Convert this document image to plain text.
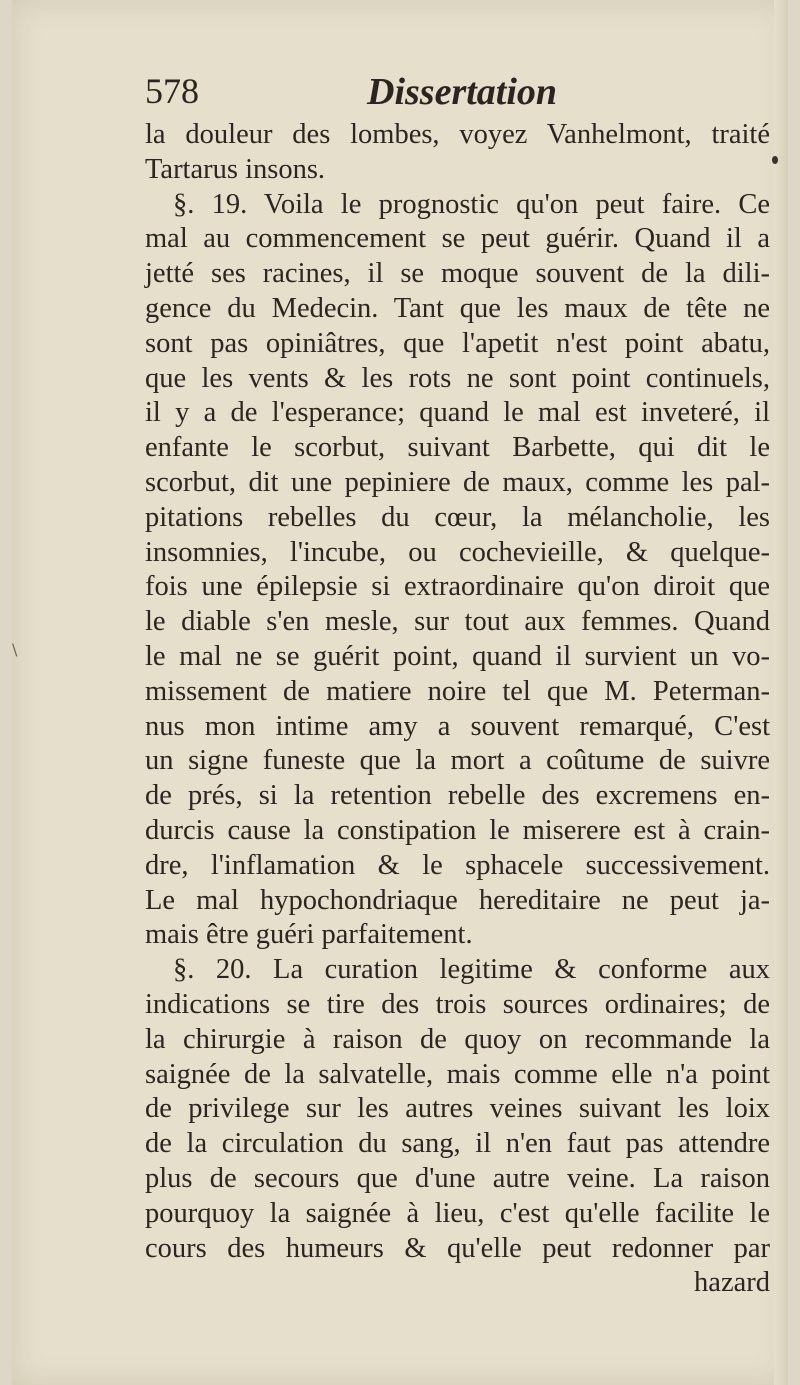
\
578	Dissertation
la douleur des lombes, voyez Vanhelmont, traité
Tartarus insons.
§. 19. Voila le prognostic qu'on peut faire. Ce
mal au commencement se peut guérir. Quand il a
jetté ses racines, il se moque souvent de la dili-
gence du Medecin. Tant que les maux de tête ne
sont pas opiniâtres, que l'apetit n'est point abatu,
que les vents & les rots ne sont point continuels,
il y a de l'esperance; quand le mal est inveteré, il
enfante le scorbut, suivant Barbette, qui dit le
scorbut, dit une pepiniere de maux, comme les pal-
pitations rebelles du cœur, la mélancholie, les
insomnies, l'incube, ou cochevieille, & quelque-
fois une épilepsie si extraordinaire qu'on diroit que
le diable s'en mesle, sur tout aux femmes. Quand
le mal ne se guérit point, quand il survient un vo-
missement de matiere noire tel que M. Peterman-
nus mon intime amy a souvent remarqué, C'est
un signe funeste que la mort a coûtume de suivre
de prés, si la retention rebelle des excremens en-
durcis cause la constipation le miserere est à crain-
dre, l'inflamation & le sphacele successivement.
Le mal hypochondriaque hereditaire ne peut ja-
mais être guéri parfaitement.
§. 20. La curation legitime & conforme aux
indications se tire des trois sources ordinaires; de
la chirurgie à raison de quoy on recommande la
saignée de la salvatelle, mais comme elle n'a point
de privilege sur les autres veines suivant les loix
de la circulation du sang, il n'en faut pas attendre
plus de secours que d'une autre veine. La raison
pourquoy la saignée à lieu, c'est qu'elle facilite le
cours des humeurs & qu'elle peut redonner par
hazard
